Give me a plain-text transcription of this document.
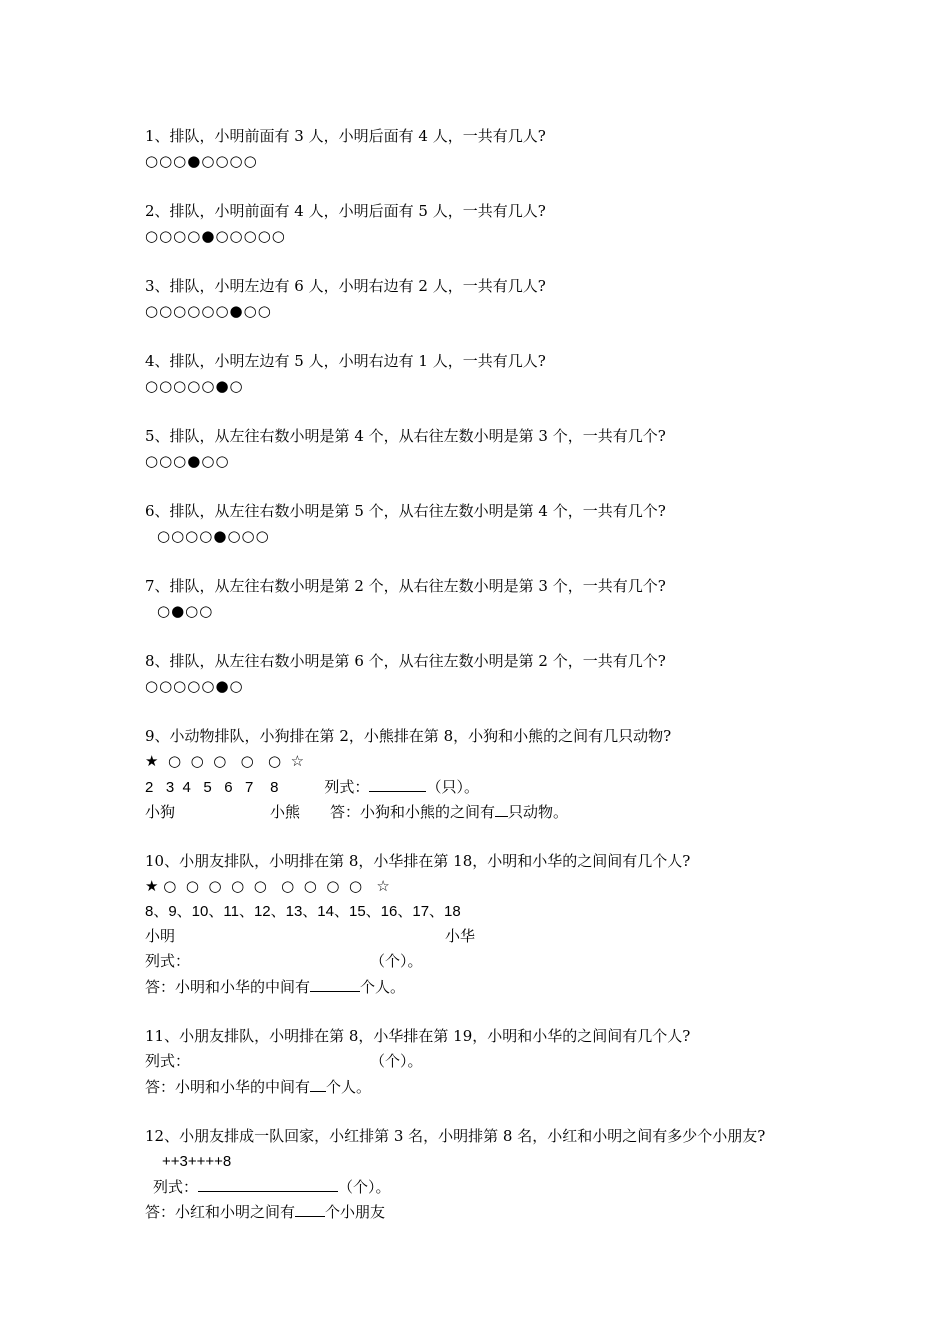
1、排队，小明前面有 3 人，小明后面有 4 人，一共有几人?
○○○●○○○○
2、排队，小明前面有 4 人，小明后面有 5 人，一共有几人?
○○○○●○○○○○
3、排队，小明左边有 6 人，小明右边有 2 人，一共有几人?
○○○○○○●○○
4、排队，小明左边有 5 人，小明右边有 1 人，一共有几人?
○○○○○●○
5、排队，从左往右数小明是第 4 个，从右往左数小明是第 3 个，一共有几个?
○○○●○○
6、排队，从左往右数小明是第 5 个，从右往左数小明是第 4 个，一共有几个?
○○○○●○○○
7、排队，从左往右数小明是第 2 个，从右往左数小明是第 3 个，一共有几个?
○●○○
8、排队，从左往右数小明是第 6 个，从右往左数小明是第 2 个，一共有几个?
○○○○○●○
9、小动物排队，小狗排在第 2，小熊排在第 8，小狗和小熊的之间有几只动物?
★  ○  ○  ○   ○   ○  ☆
2   3  4   5   6   7    8	列式：	（只）。
小狗	小熊 答：小狗和小熊的之间有 只动物。
10、小朋友排队，小明排在第 8，小华排在第 18，小明和小华的之间间有几个人?
★ ○  ○  ○  ○  ○   ○  ○  ○  ○   ☆
8、9、10、11、12、13、14、15、16、17、18
小明	小华
列式：	（个）。
答：小明和小华的中间有	个人。
11、小朋友排队，小明排在第 8，小华排在第 19，小明和小华的之间间有几个人?
列式：	（个）。
答：小明和小华的中间有 个人。
12、小朋友排成一队回家，小红排第 3 名，小明排第 8 名，小红和小明之间有多少个小朋友?
++3++++8
列式：	（个）。
答：小红和小明之间有 个小朋友
